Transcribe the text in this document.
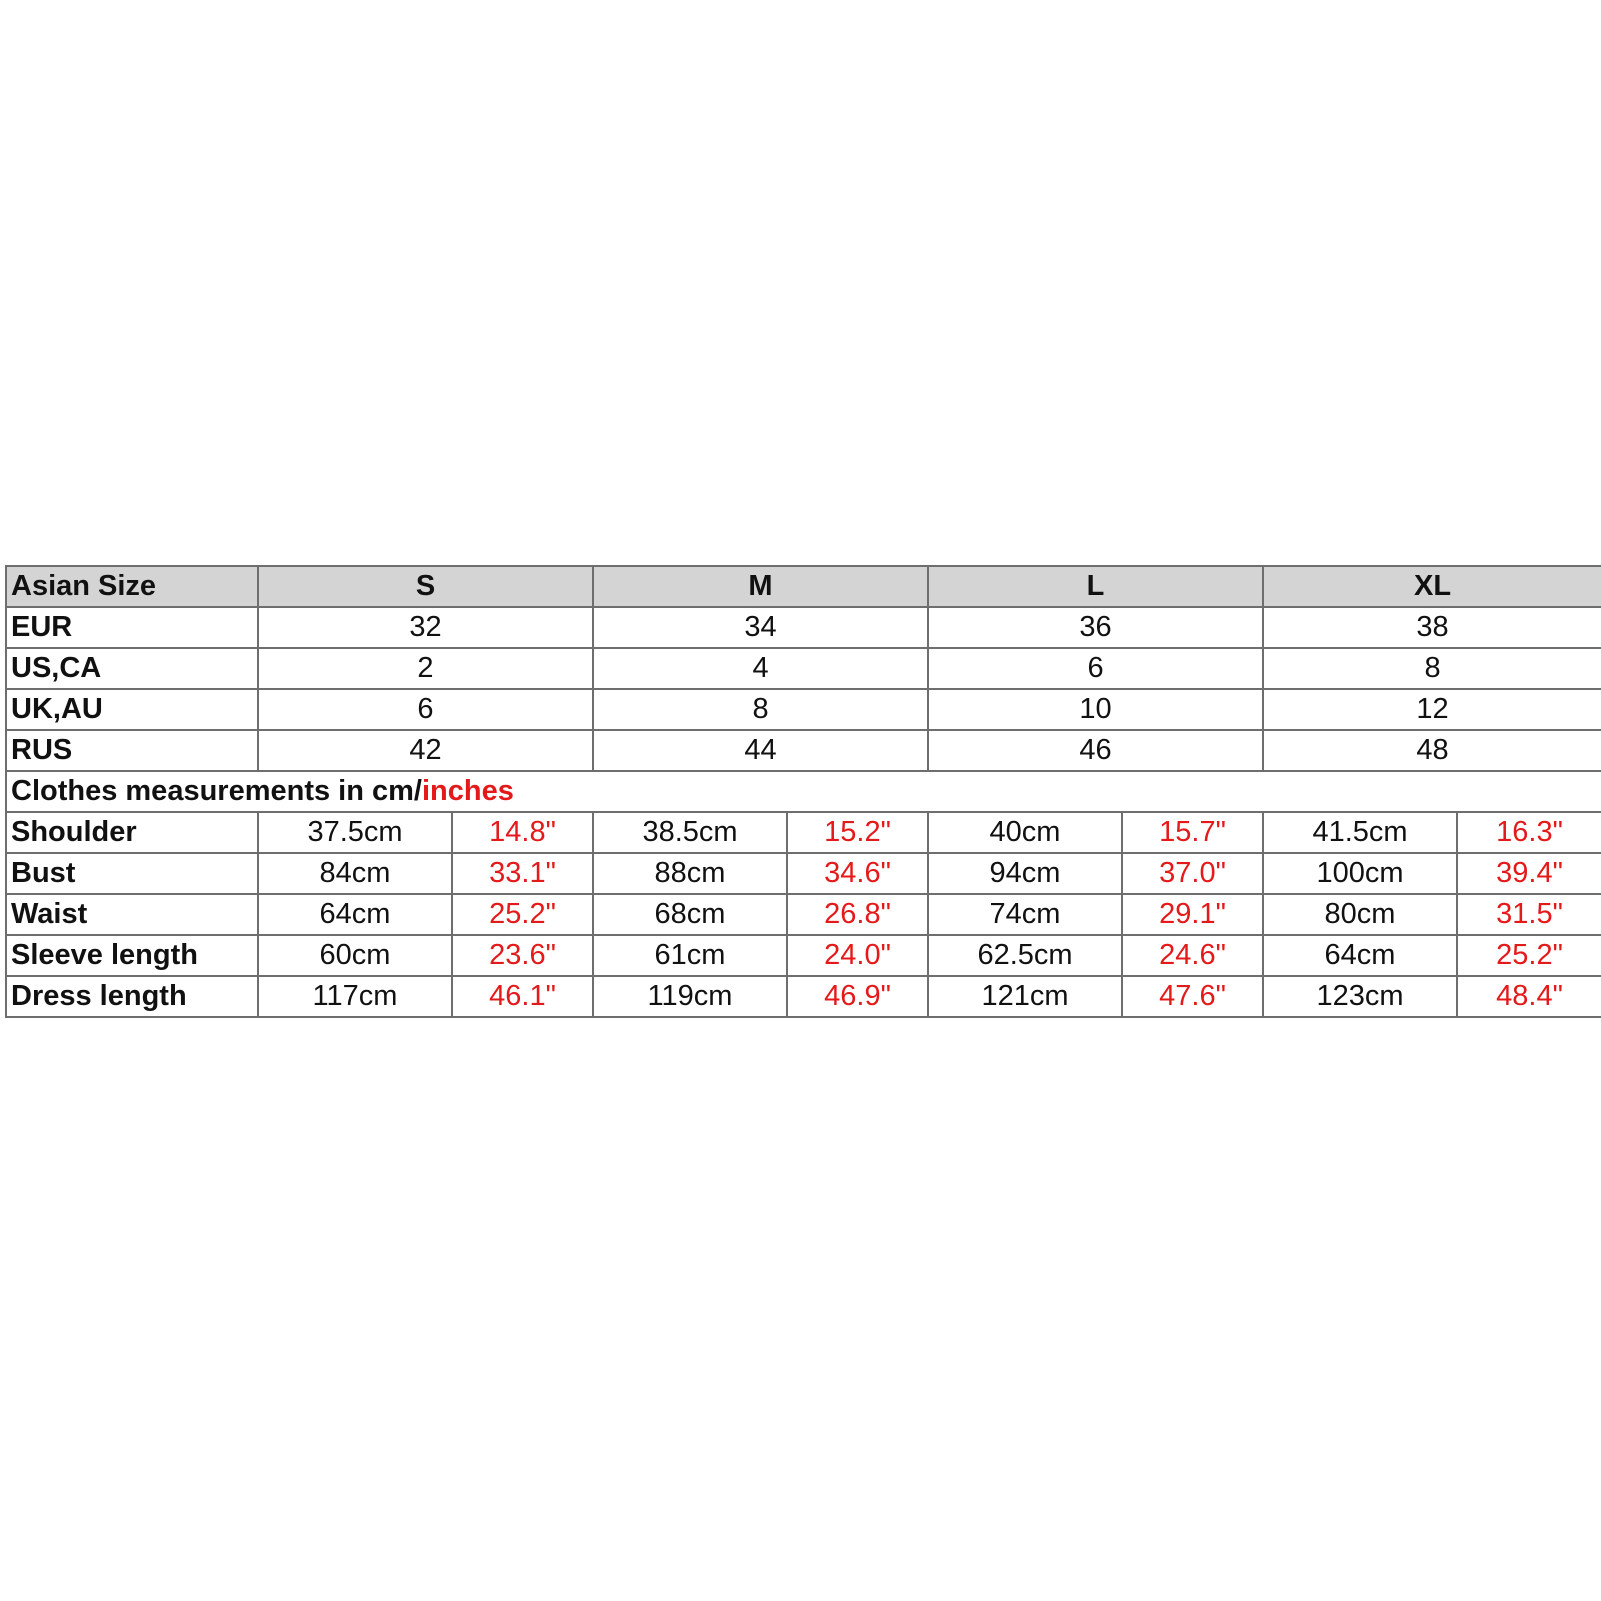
Asian Size	S		M		L		XL	
EUR	32		34		36		38	
US,CA	2		4		6		8	
UK,AU	6		8		10		12	
RUS	42		44		46		48	
Clothes measurements in cm/inches								
Shoulder	37.5cm	14.8"	38.5cm	15.2"	40cm	15.7"	41.5cm	16.3"
Bust	84cm	33.1"	88cm	34.6"	94cm	37.0"	100cm	39.4"
Waist	64cm	25.2"	68cm	26.8"	74cm	29.1"	80cm	31.5"
Sleeve length	60cm	23.6"	61cm	24.0"	62.5cm	24.6"	64cm	25.2"
Dress length	117cm	46.1"	119cm	46.9"	121cm	47.6"	123cm	48.4"
